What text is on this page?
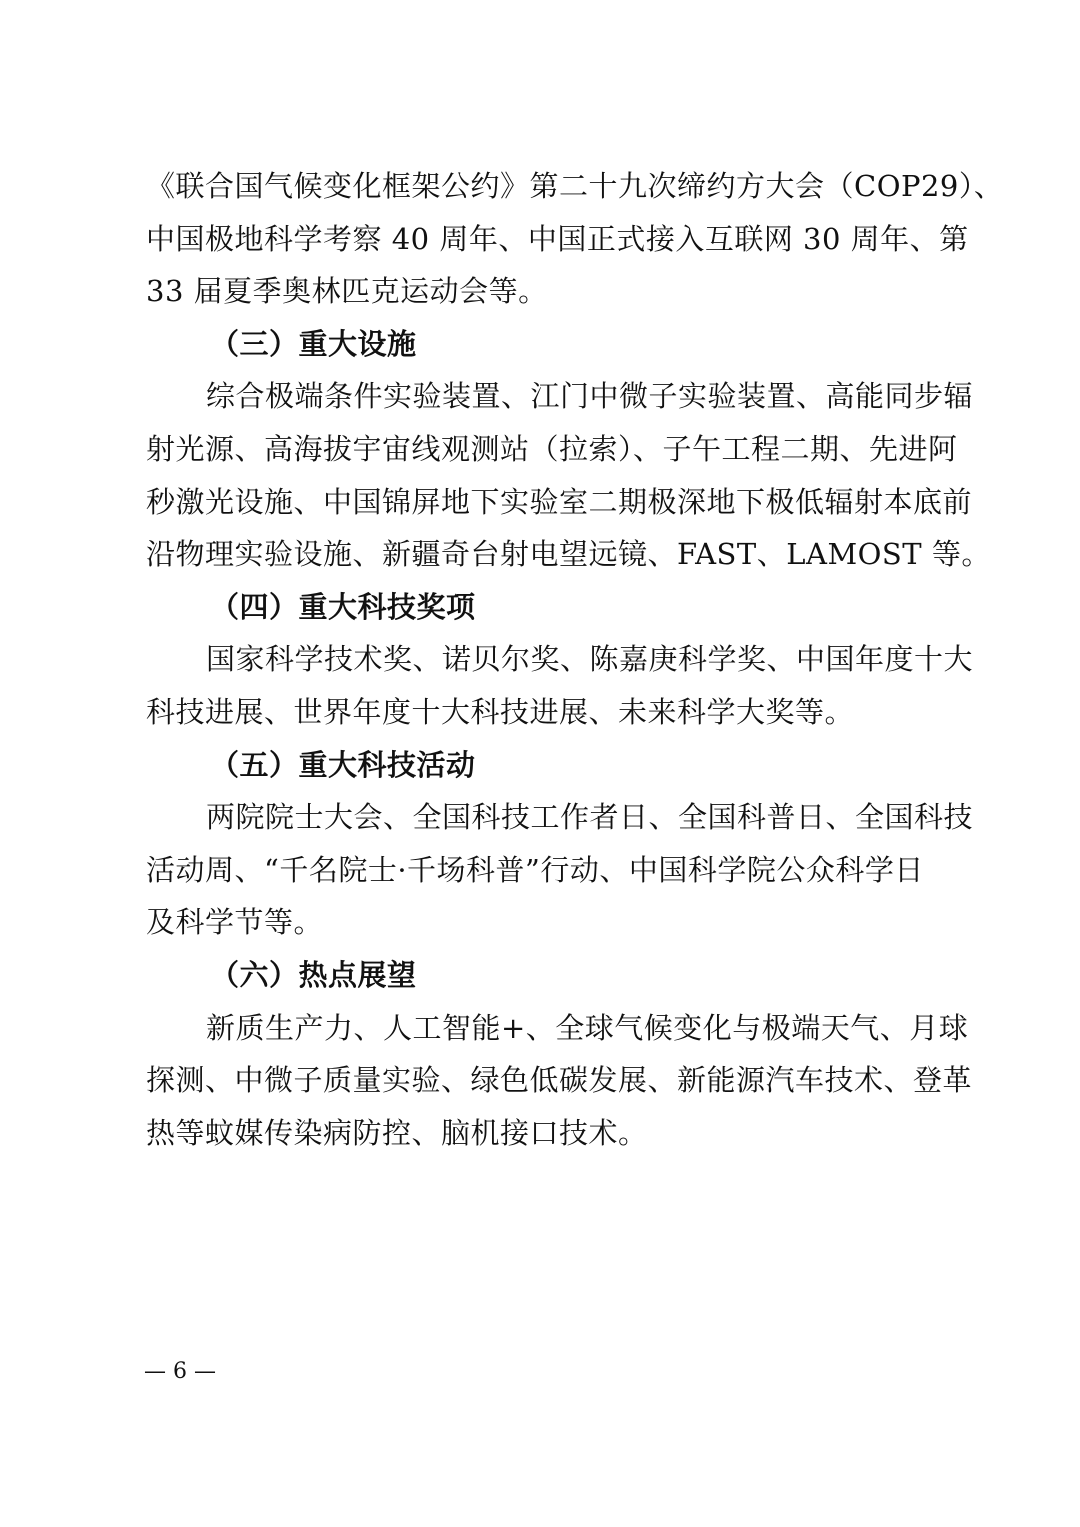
《联合国气候变化框架公约》第二十九次缔约方大会（COP29）、
中国极地科学考察 40 周年、中国正式接入互联网 30 周年、第
33 届夏季奥林匹克运动会等。
（三）重大设施
综合极端条件实验装置、江门中微子实验装置、高能同步辐
射光源、高海拔宇宙线观测站（拉索）、子午工程二期、先进阿
秒激光设施、中国锦屏地下实验室二期极深地下极低辐射本底前
沿物理实验设施、新疆奇台射电望远镜、FAST、LAMOST 等。
（四）重大科技奖项
国家科学技术奖、诺贝尔奖、陈嘉庚科学奖、中国年度十大
科技进展、世界年度十大科技进展、未来科学大奖等。
（五）重大科技活动
两院院士大会、全国科技工作者日、全国科普日、全国科技
活动周、“千名院士·千场科普”行动、中国科学院公众科学日
及科学节等。
（六）热点展望
新质生产力、人工智能+、全球气候变化与极端天气、月球
探测、中微子质量实验、绿色低碳发展、新能源汽车技术、登革
热等蚊媒传染病防控、脑机接口技术。
— 6 —
